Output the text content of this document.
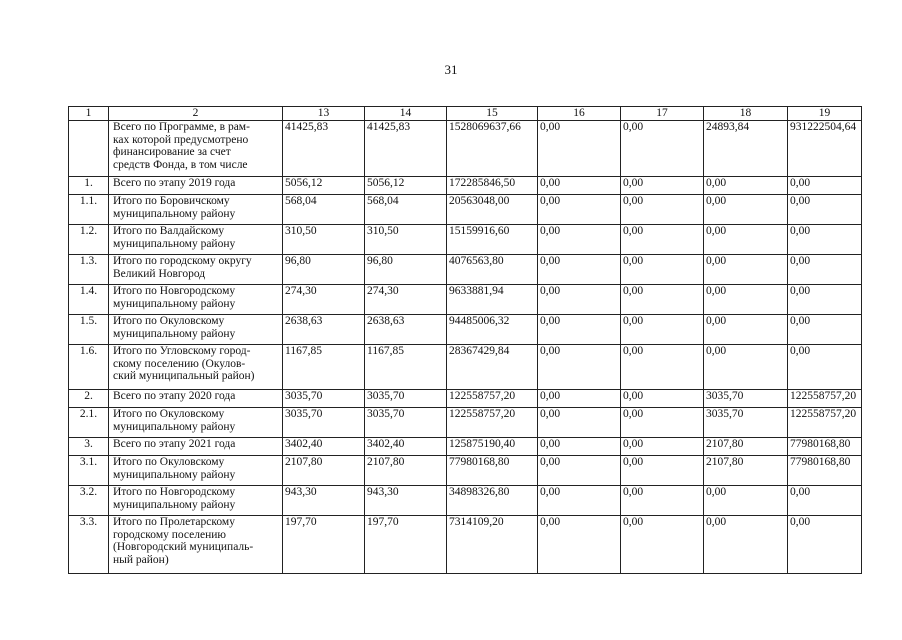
31
1	2	13	14	15	16	17	18	19
	Всего по Программе, в рам-
ках которой предусмотрено
финансирование за счет
средств Фонда, в том числе	41425,83	41425,83	1528069637,66	0,00	0,00	24893,84	931222504,64
1.	Всего по этапу 2019 года	5056,12	5056,12	172285846,50	0,00	0,00	0,00	0,00
1.1.	Итого по Боровичскому
муниципальному району	568,04	568,04	20563048,00	0,00	0,00	0,00	0,00
1.2.	Итого по Валдайскому
муниципальному району	310,50	310,50	15159916,60	0,00	0,00	0,00	0,00
1.3.	Итого по городскому округу
Великий Новгород	96,80	96,80	4076563,80	0,00	0,00	0,00	0,00
1.4.	Итого по Новгородскому
муниципальному району	274,30	274,30	9633881,94	0,00	0,00	0,00	0,00
1.5.	Итого по Окуловскому
муниципальному району	2638,63	2638,63	94485006,32	0,00	0,00	0,00	0,00
1.6.	Итого по Угловскому город-
скому поселению (Окулов-
ский муниципальный район)	1167,85	1167,85	28367429,84	0,00	0,00	0,00	0,00
2.	Всего по этапу 2020 года	3035,70	3035,70	122558757,20	0,00	0,00	3035,70	122558757,20
2.1.	Итого по Окуловскому
муниципальному району	3035,70	3035,70	122558757,20	0,00	0,00	3035,70	122558757,20
3.	Всего по этапу 2021 года	3402,40	3402,40	125875190,40	0,00	0,00	2107,80	77980168,80
3.1.	Итого по Окуловскому
муниципальному району	2107,80	2107,80	77980168,80	0,00	0,00	2107,80	77980168,80
3.2.	Итого по Новгородскому
муниципальному району	943,30	943,30	34898326,80	0,00	0,00	0,00	0,00
3.3.	Итого по Пролетарскому
городскому поселению
(Новгородский муниципаль-
ный район)	197,70	197,70	7314109,20	0,00	0,00	0,00	0,00
